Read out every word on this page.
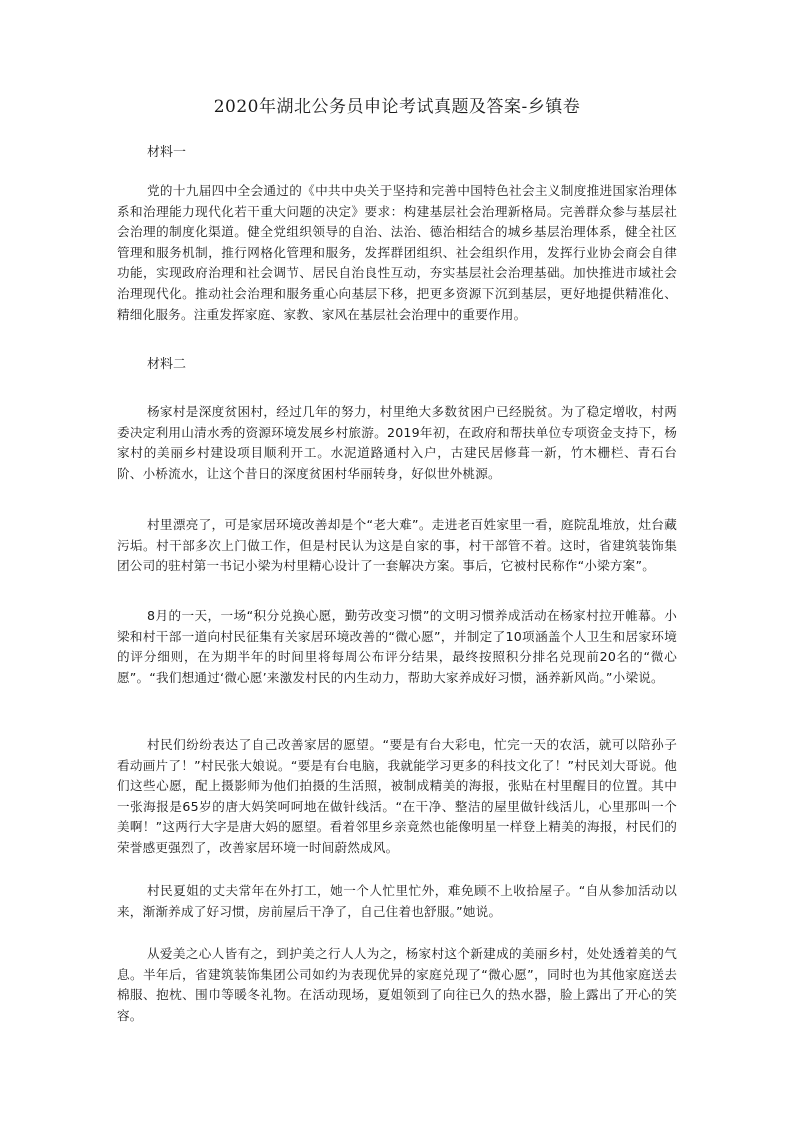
2020年湖北公务员申论考试真题及答案-乡镇卷

材料一

党的十九届四中全会通过的《中共中央关于坚持和完善中国特色社会主义制度推进国家治理体系和治理能力现代化若干重大问题的决定》要求：构建基层社会治理新格局。完善群众参与基层社会治理的制度化渠道。健全党组织领导的自治、法治、德治相结合的城乡基层治理体系，健全社区管理和服务机制，推行网格化管理和服务，发挥群团组织、社会组织作用，发挥行业协会商会自律功能，实现政府治理和社会调节、居民自治良性互动，夯实基层社会治理基础。加快推进市域社会治理现代化。推动社会治理和服务重心向基层下移，把更多资源下沉到基层，更好地提供精准化、精细化服务。注重发挥家庭、家教、家风在基层社会治理中的重要作用。

材料二

杨家村是深度贫困村，经过几年的努力，村里绝大多数贫困户已经脱贫。为了稳定增收，村两委决定利用山清水秀的资源环境发展乡村旅游。2019年初，在政府和帮扶单位专项资金支持下，杨家村的美丽乡村建设项目顺利开工。水泥道路通村入户，古建民居修葺一新，竹木栅栏、青石台阶、小桥流水，让这个昔日的深度贫困村华丽转身，好似世外桃源。

村里漂亮了，可是家居环境改善却是个“老大难”。走进老百姓家里一看，庭院乱堆放，灶台藏污垢。村干部多次上门做工作，但是村民认为这是自家的事，村干部管不着。这时，省建筑装饰集团公司的驻村第一书记小梁为村里精心设计了一套解决方案。事后，它被村民称作“小梁方案”。

8月的一天，一场“积分兑换心愿，勤劳改变习惯”的文明习惯养成活动在杨家村拉开帷幕。小梁和村干部一道向村民征集有关家居环境改善的“微心愿”，并制定了10项涵盖个人卫生和居家环境的评分细则，在为期半年的时间里将每周公布评分结果，最终按照积分排名兑现前20名的“微心愿”。“我们想通过‘微心愿’来激发村民的内生动力，帮助大家养成好习惯，涵养新风尚。”小梁说。

村民们纷纷表达了自己改善家居的愿望。“要是有台大彩电，忙完一天的农活，就可以陪孙子看动画片了！”村民张大娘说。“要是有台电脑，我就能学习更多的科技文化了！”村民刘大哥说。他们这些心愿，配上摄影师为他们拍摄的生活照，被制成精美的海报，张贴在村里醒目的位置。其中一张海报是65岁的唐大妈笑呵呵地在做针线活。“在干净、整洁的屋里做针线活儿，心里那叫一个美啊！”这两行大字是唐大妈的愿望。看着邻里乡亲竟然也能像明星一样登上精美的海报，村民们的荣誉感更强烈了，改善家居环境一时间蔚然成风。

村民夏姐的丈夫常年在外打工，她一个人忙里忙外，难免顾不上收拾屋子。“自从参加活动以来，渐渐养成了好习惯，房前屋后干净了，自己住着也舒服。”她说。

从爱美之心人皆有之，到护美之行人人为之，杨家村这个新建成的美丽乡村，处处透着美的气息。半年后，省建筑装饰集团公司如约为表现优异的家庭兑现了“微心愿”，同时也为其他家庭送去棉服、抱枕、围巾等暖冬礼物。在活动现场，夏姐领到了向往已久的热水器，脸上露出了开心的笑容。
